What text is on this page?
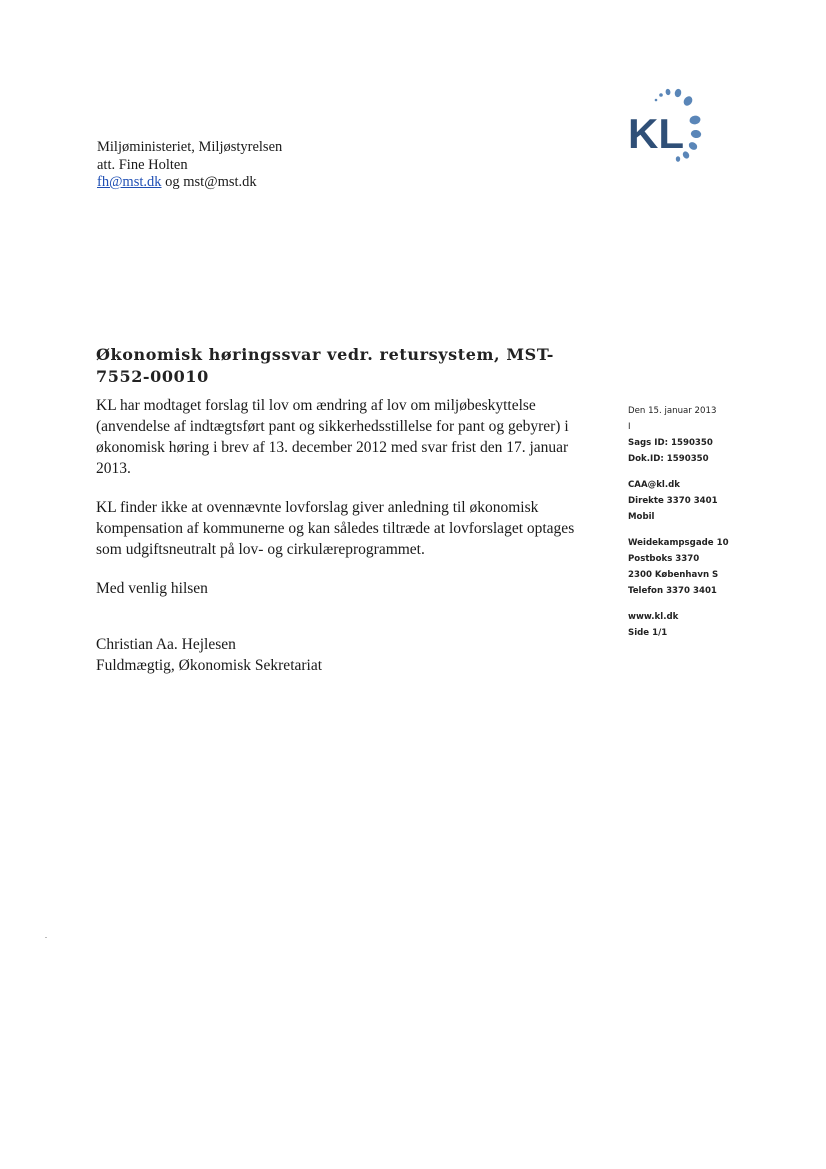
KL
Miljøministeriet, Miljøstyrelsen
att. Fine Holten
fh@mst.dk og mst@mst.dk
Økonomisk høringssvar vedr. retursystem, MST-7552-00010

KL har modtaget forslag til lov om ændring af lov om miljøbeskyttelse (anvendelse af indtægtsført pant og sikkerhedsstillelse for pant og gebyrer) i økonomisk høring i brev af 13. december 2012 med svar frist den 17. januar 2013.

KL finder ikke at ovennævnte lovforslag giver anledning til økonomisk kompensation af kommunerne og kan således tiltræde at lovforslaget optages som udgiftsneutralt på lov- og cirkulæreprogrammet.

Med venlig hilsen

Christian Aa. Hejlesen
Fuldmægtig, Økonomisk Sekretariat
Den 15. januar 2013
I
Sags ID: 1590350
Dok.ID: 1590350
CAA@kl.dk
Direkte 3370 3401
Mobil
Weidekampsgade 10
Postboks 3370
2300 København S
Telefon 3370 3401
www.kl.dk
Side 1/1
